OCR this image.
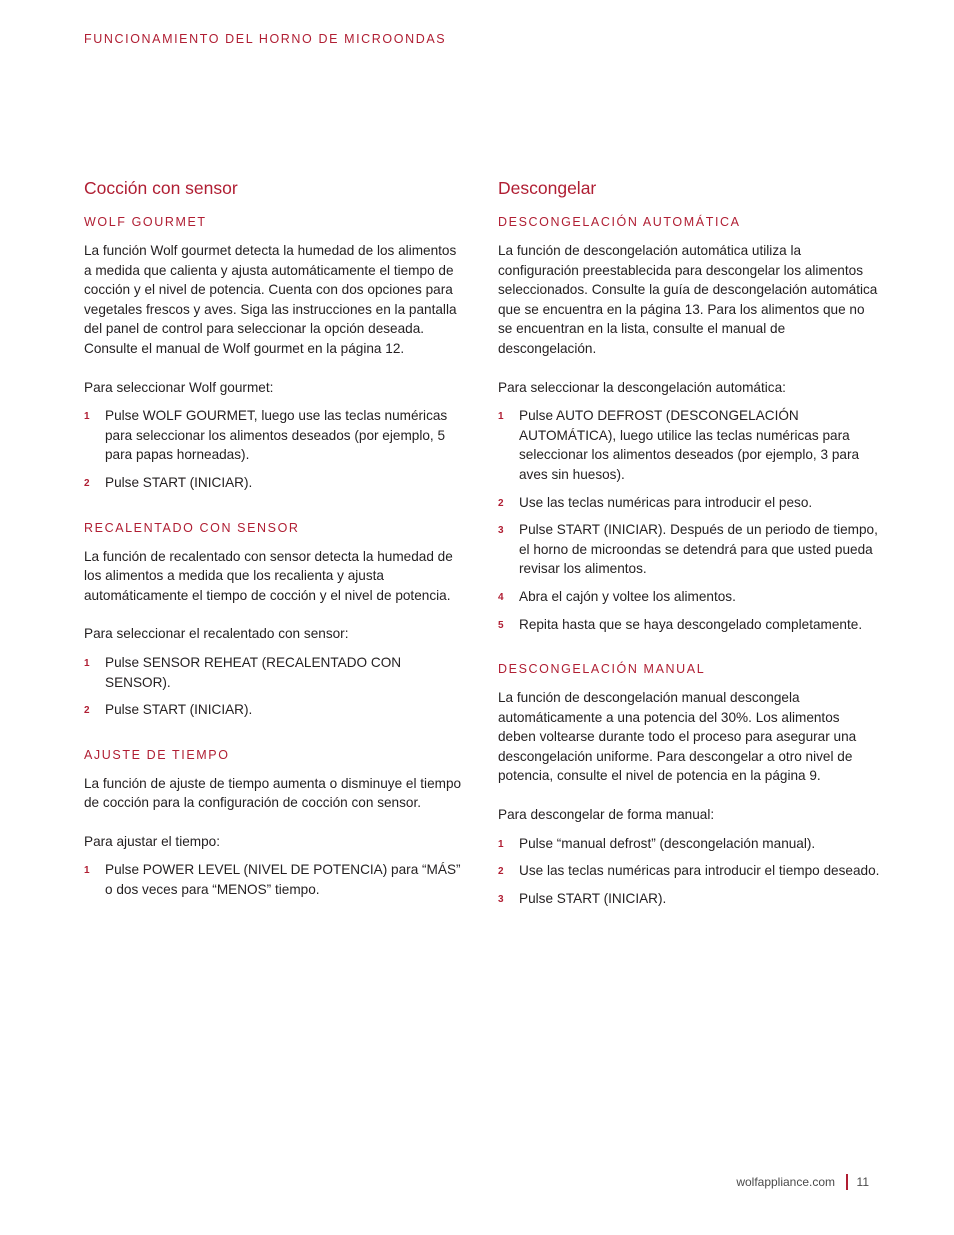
FUNCIONAMIENTO DEL HORNO DE MICROONDAS
Cocción con sensor
WOLF GOURMET

La función Wolf gourmet detecta la humedad de los alimentos a medida que calienta y ajusta automáticamente el tiempo de cocción y el nivel de potencia. Cuenta con dos opciones para vegetales frescos y aves. Siga las instrucciones en la pantalla del panel de control para seleccionar la opción deseada. Consulte el manual de Wolf gourmet en la página 12.

Para seleccionar Wolf gourmet:

1 Pulse WOLF GOURMET, luego use las teclas numéricas para seleccionar los alimentos deseados (por ejemplo, 5 para papas horneadas).
2 Pulse START (INICIAR).
RECALENTADO CON SENSOR

La función de recalentado con sensor detecta la humedad de los alimentos a medida que los recalienta y ajusta automáticamente el tiempo de cocción y el nivel de potencia.

Para seleccionar el recalentado con sensor:

1 Pulse SENSOR REHEAT (RECALENTADO CON SENSOR).
2 Pulse START (INICIAR).
AJUSTE DE TIEMPO

La función de ajuste de tiempo aumenta o disminuye el tiempo de cocción para la configuración de cocción con sensor.

Para ajustar el tiempo:

1 Pulse POWER LEVEL (NIVEL DE POTENCIA) para “MÁS” o dos veces para “MENOS” tiempo.
Descongelar
DESCONGELACIÓN AUTOMÁTICA

La función de descongelación automática utiliza la configuración preestablecida para descongelar los alimentos seleccionados. Consulte la guía de descongelación automática que se encuentra en la página 13. Para los alimentos que no se encuentran en la lista, consulte el manual de descongelación.

Para seleccionar la descongelación automática:

1 Pulse AUTO DEFROST (DESCONGELACIÓN AUTOMÁTICA), luego utilice las teclas numéricas para seleccionar los alimentos deseados (por ejemplo, 3 para aves sin huesos).
2 Use las teclas numéricas para introducir el peso.
3 Pulse START (INICIAR). Después de un periodo de tiempo, el horno de microondas se detendrá para que usted pueda revisar los alimentos.
4 Abra el cajón y voltee los alimentos.
5 Repita hasta que se haya descongelado completamente.
DESCONGELACIÓN MANUAL

La función de descongelación manual descongela automáticamente a una potencia del 30%. Los alimentos deben voltearse durante todo el proceso para asegurar una descongelación uniforme. Para descongelar a otro nivel de potencia, consulte el nivel de potencia en la página 9.

Para descongelar de forma manual:

1 Pulse “manual defrost” (descongelación manual).
2 Use las teclas numéricas para introducir el tiempo deseado.
3 Pulse START (INICIAR).
wolfappliance.com 11
